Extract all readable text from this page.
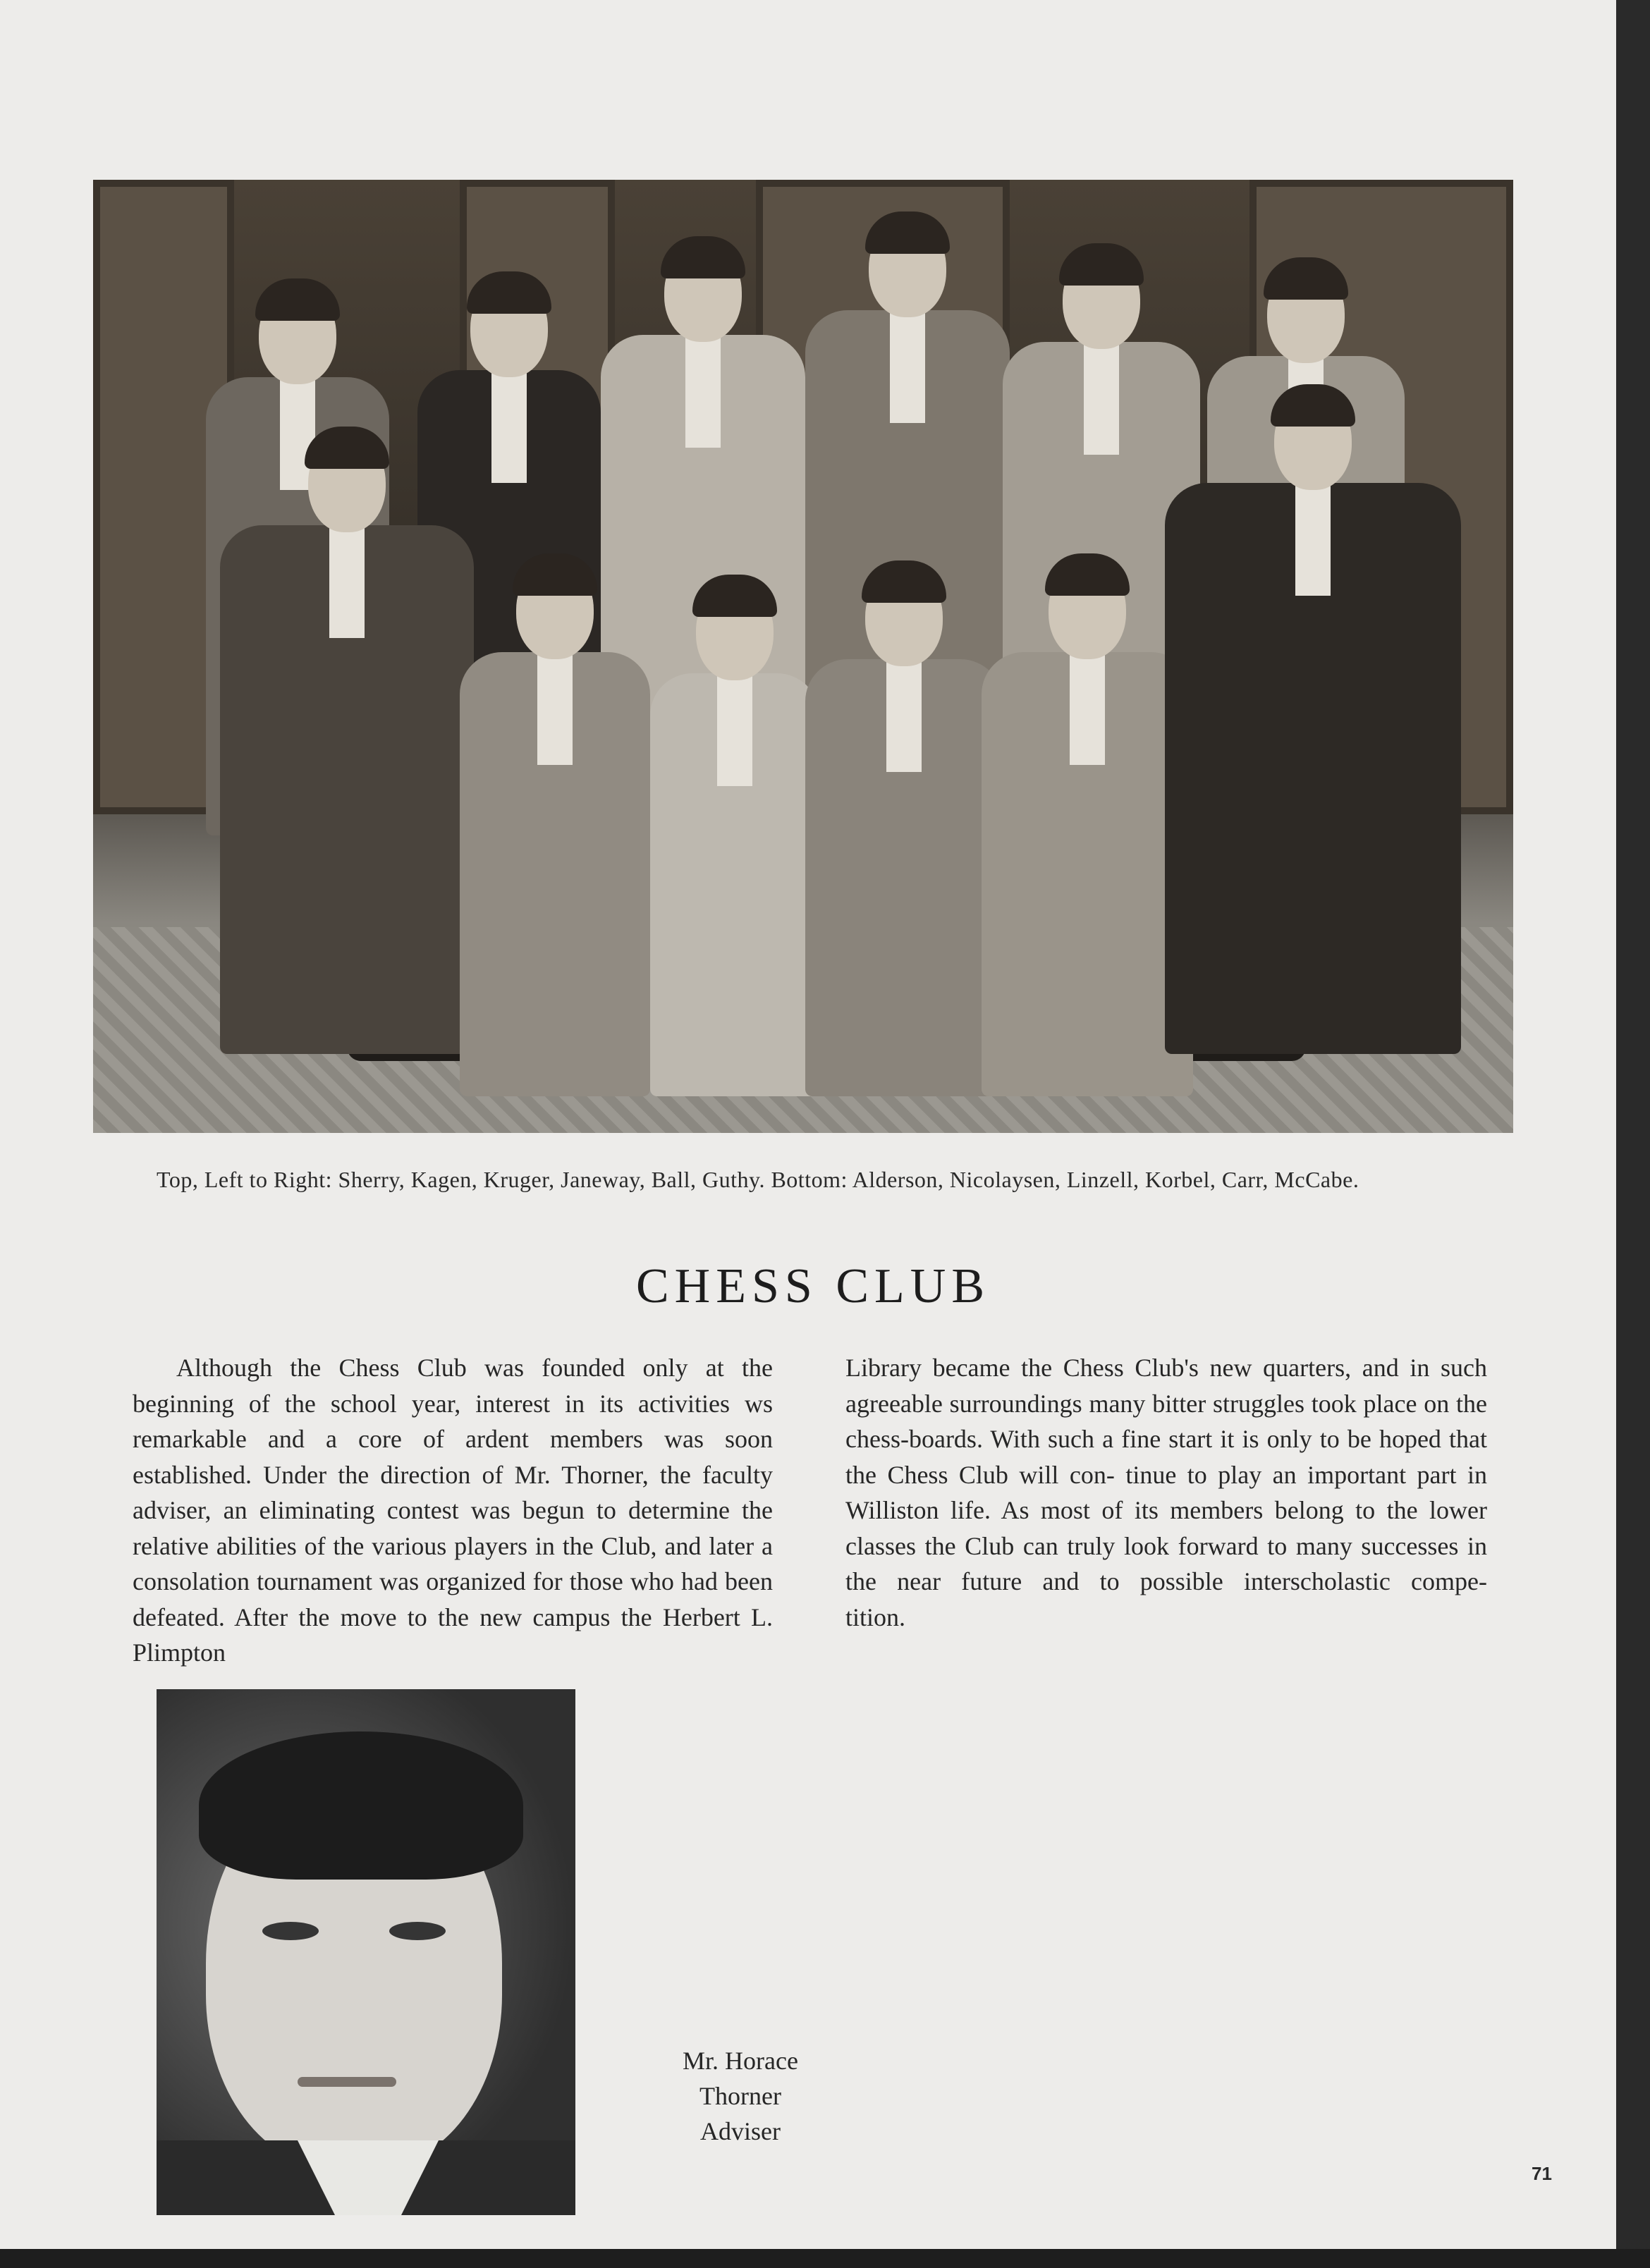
Top, Left to Right: Sherry, Kagen, Kruger, Janeway, Ball, Guthy. Bottom: Alderson, Nicolaysen, Linzell, Korbel, Carr, McCabe.
CHESS CLUB

Although the Chess Club was founded only at the beginning of the school year, interest in its activities ws remarkable and a core of ardent members was soon established. Under the direction of Mr. Thorner, the faculty adviser, an eliminating contest was begun to determine the relative abilities of the various players in the Club, and later a consolation tournament was organized for those who had been defeated. After the move to the new campus the Herbert L. Plimpton

Library became the Chess Club's new quarters, and in such agreeable surroundings many bitter struggles took place on the chess-boards. With such a fine start it is only to be hoped that the Chess Club will con- tinue to play an important part in Williston life. As most of its members belong to the lower classes the Club can truly look forward to many successes in the near future and to possible interscholastic compe-

tition.

Mr. Horace
Thorner
Adviser
71
